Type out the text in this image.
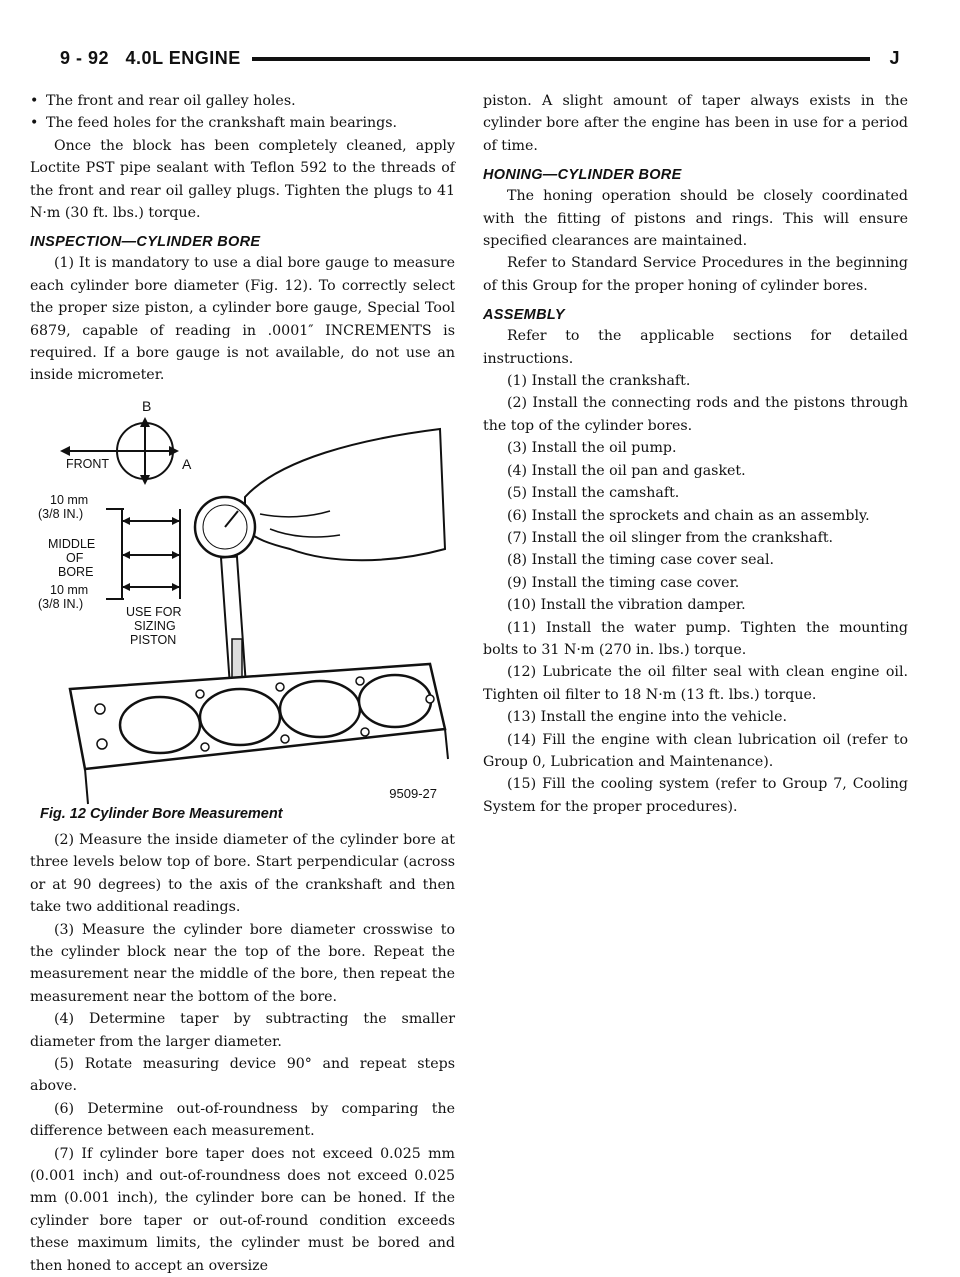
9 - 92 4.0L ENGINE	J

• The front and rear oil galley holes.

• The feed holes for the crankshaft main bearings.

Once the block has been completely cleaned, apply Loctite PST pipe sealant with Teflon 592 to the threads of the front and rear oil galley plugs. Tighten the plugs to 41 N·m (30 ft. lbs.) torque.

INSPECTION—CYLINDER BORE

(1) It is mandatory to use a dial bore gauge to measure each cylinder bore diameter (Fig. 12). To correctly select the proper size piston, a cylinder bore gauge, Special Tool 6879, capable of reading in .0001″ INCREMENTS is required. If a bore gauge is not available, do not use an inside micrometer.

B
FRONT	A
10 mm
(3/8 IN.)
MIDDLE
OF
BORE
10 mm
(3/8 IN.)
USE FOR
SIZING
PISTON
9509-27
Fig. 12 Cylinder Bore Measurement

(2) Measure the inside diameter of the cylinder bore at three levels below top of bore. Start perpendicular (across or at 90 degrees) to the axis of the crankshaft and then take two additional readings.

(3) Measure the cylinder bore diameter crosswise to the cylinder block near the top of the bore. Repeat the measurement near the middle of the bore, then repeat the measurement near the bottom of the bore.

(4) Determine taper by subtracting the smaller diameter from the larger diameter.

(5) Rotate measuring device 90° and repeat steps above.

(6) Determine out-of-roundness by comparing the difference between each measurement.

(7) If cylinder bore taper does not exceed 0.025 mm (0.001 inch) and out-of-roundness does not exceed 0.025 mm (0.001 inch), the cylinder bore can be honed. If the cylinder bore taper or out-of-round condition exceeds these maximum limits, the cylinder must be bored and then honed to accept an oversize

piston. A slight amount of taper always exists in the cylinder bore after the engine has been in use for a period of time.

HONING—CYLINDER BORE

The honing operation should be closely coordinated with the fitting of pistons and rings. This will ensure specified clearances are maintained.

Refer to Standard Service Procedures in the beginning of this Group for the proper honing of cylinder bores.

ASSEMBLY

Refer to the applicable sections for detailed instructions.

(1) Install the crankshaft.

(2) Install the connecting rods and the pistons through the top of the cylinder bores.

(3) Install the oil pump.

(4) Install the oil pan and gasket.

(5) Install the camshaft.

(6) Install the sprockets and chain as an assembly.

(7) Install the oil slinger from the crankshaft.

(8) Install the timing case cover seal.

(9) Install the timing case cover.

(10) Install the vibration damper.

(11) Install the water pump. Tighten the mounting bolts to 31 N·m (270 in. lbs.) torque.

(12) Lubricate the oil filter seal with clean engine oil. Tighten oil filter to 18 N·m (13 ft. lbs.) torque.

(13) Install the engine into the vehicle.

(14) Fill the engine with clean lubrication oil (refer to Group 0, Lubrication and Maintenance).

(15) Fill the cooling system (refer to Group 7, Cooling System for the proper procedures).
